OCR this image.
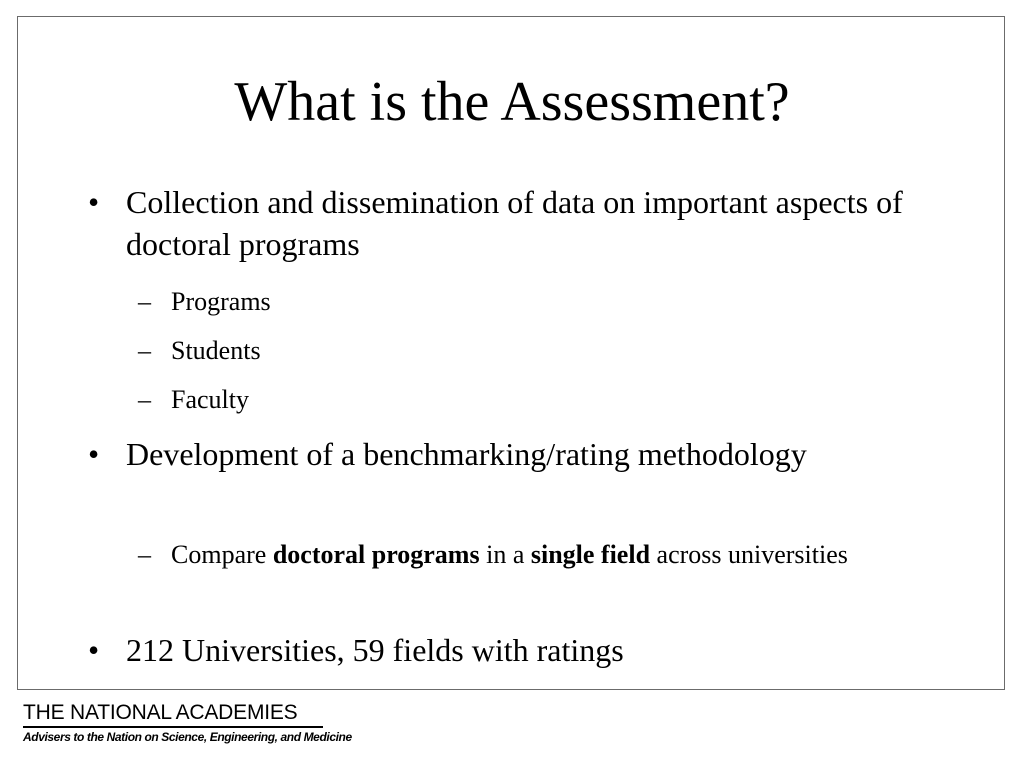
What is the Assessment?
• Collection and dissemination of data on important aspects of doctoral programs
– Programs
– Students
– Faculty
• Development of a benchmarking/rating methodology
– Compare doctoral programs in a single field across universities
• 212 Universities, 59 fields with ratings
THE NATIONAL ACADEMIES
Advisers to the Nation on Science, Engineering, and Medicine
